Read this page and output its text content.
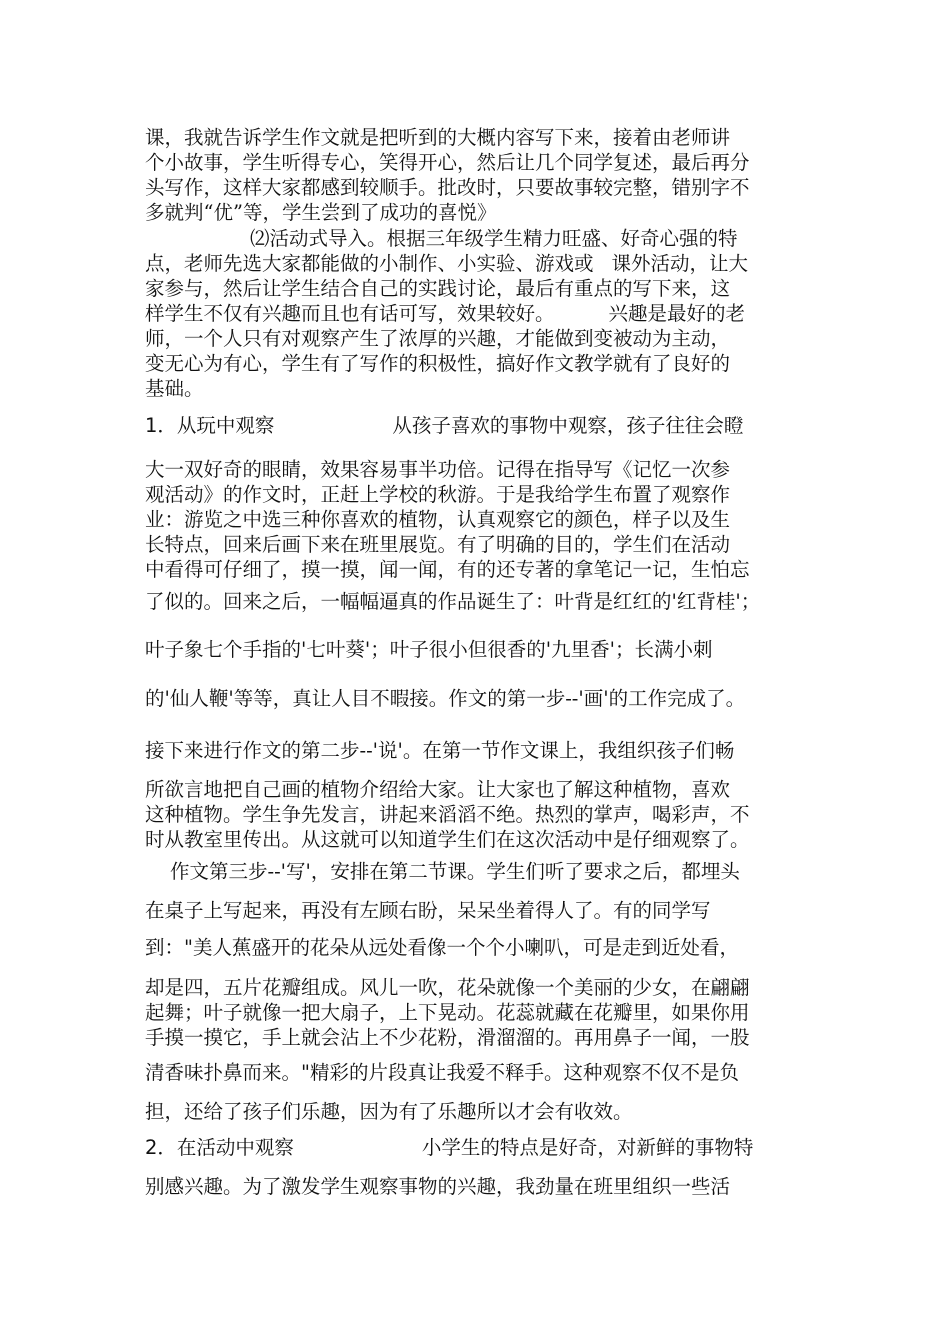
课，我就告诉学生作文就是把听到的大概内容写下来，接着由老师讲
个小故事，学生听得专心，笑得开心，然后让几个同学复述，最后再分
头写作，这样大家都感到较顺手。批改时，只要故事较完整，错别字不
多就判“优”等，学生尝到了成功的喜悦》
⑵活动式导入。根据三年级学生精力旺盛、好奇心强的特
点，老师先选大家都能做的小制作、小实验、游戏或 课外活动，让大
家参与，然后让学生结合自己的实践讨论，最后有重点的写下来，这
样学生不仅有兴趣而且也有话可写，效果较好。	兴趣是最好的老
师，一个人只有对观察产生了浓厚的兴趣，才能做到变被动为主动，
变无心为有心，学生有了写作的积极性，搞好作文教学就有了良好的
基础。
1．从玩中观察	从孩子喜欢的事物中观察，孩子往往会瞪
大一双好奇的眼睛，效果容易事半功倍。记得在指导写《记忆一次参
观活动》的作文时，正赶上学校的秋游。于是我给学生布置了观察作
业：游览之中选三种你喜欢的植物，认真观察它的颜色，样子以及生
长特点，回来后画下来在班里展览。有了明确的目的，学生们在活动
中看得可仔细了，摸一摸，闻一闻，有的还专著的拿笔记一记，生怕忘
了似的。回来之后，一幅幅逼真的作品诞生了：叶背是红红的'红背桂'；
叶子象七个手指的'七叶葵'；叶子很小但很香的'九里香'；长满小刺
的'仙人鞭'等等，真让人目不暇接。作文的第一步--'画'的工作完成了。
接下来进行作文的第二步--'说'。在第一节作文课上，我组织孩子们畅
所欲言地把自己画的植物介绍给大家。让大家也了解这种植物，喜欢
这种植物。学生争先发言，讲起来滔滔不绝。热烈的掌声，喝彩声，不
时从教室里传出。从这就可以知道学生们在这次活动中是仔细观察了。
作文第三步--'写'，安排在第二节课。学生们听了要求之后，都埋头
在桌子上写起来，再没有左顾右盼，呆呆坐着得人了。有的同学写
到："美人蕉盛开的花朵从远处看像一个个小喇叭，可是走到近处看，
却是四，五片花瓣组成。风儿一吹，花朵就像一个美丽的少女，在翩翩
起舞；叶子就像一把大扇子，上下晃动。花蕊就藏在花瓣里，如果你用
手摸一摸它，手上就会沾上不少花粉，滑溜溜的。再用鼻子一闻，一股
清香味扑鼻而来。"精彩的片段真让我爱不释手。这种观察不仅不是负
担，还给了孩子们乐趣，因为有了乐趣所以才会有收效。
2．在活动中观察	小学生的特点是好奇，对新鲜的事物特
别感兴趣。为了激发学生观察事物的兴趣，我劲量在班里组织一些活
